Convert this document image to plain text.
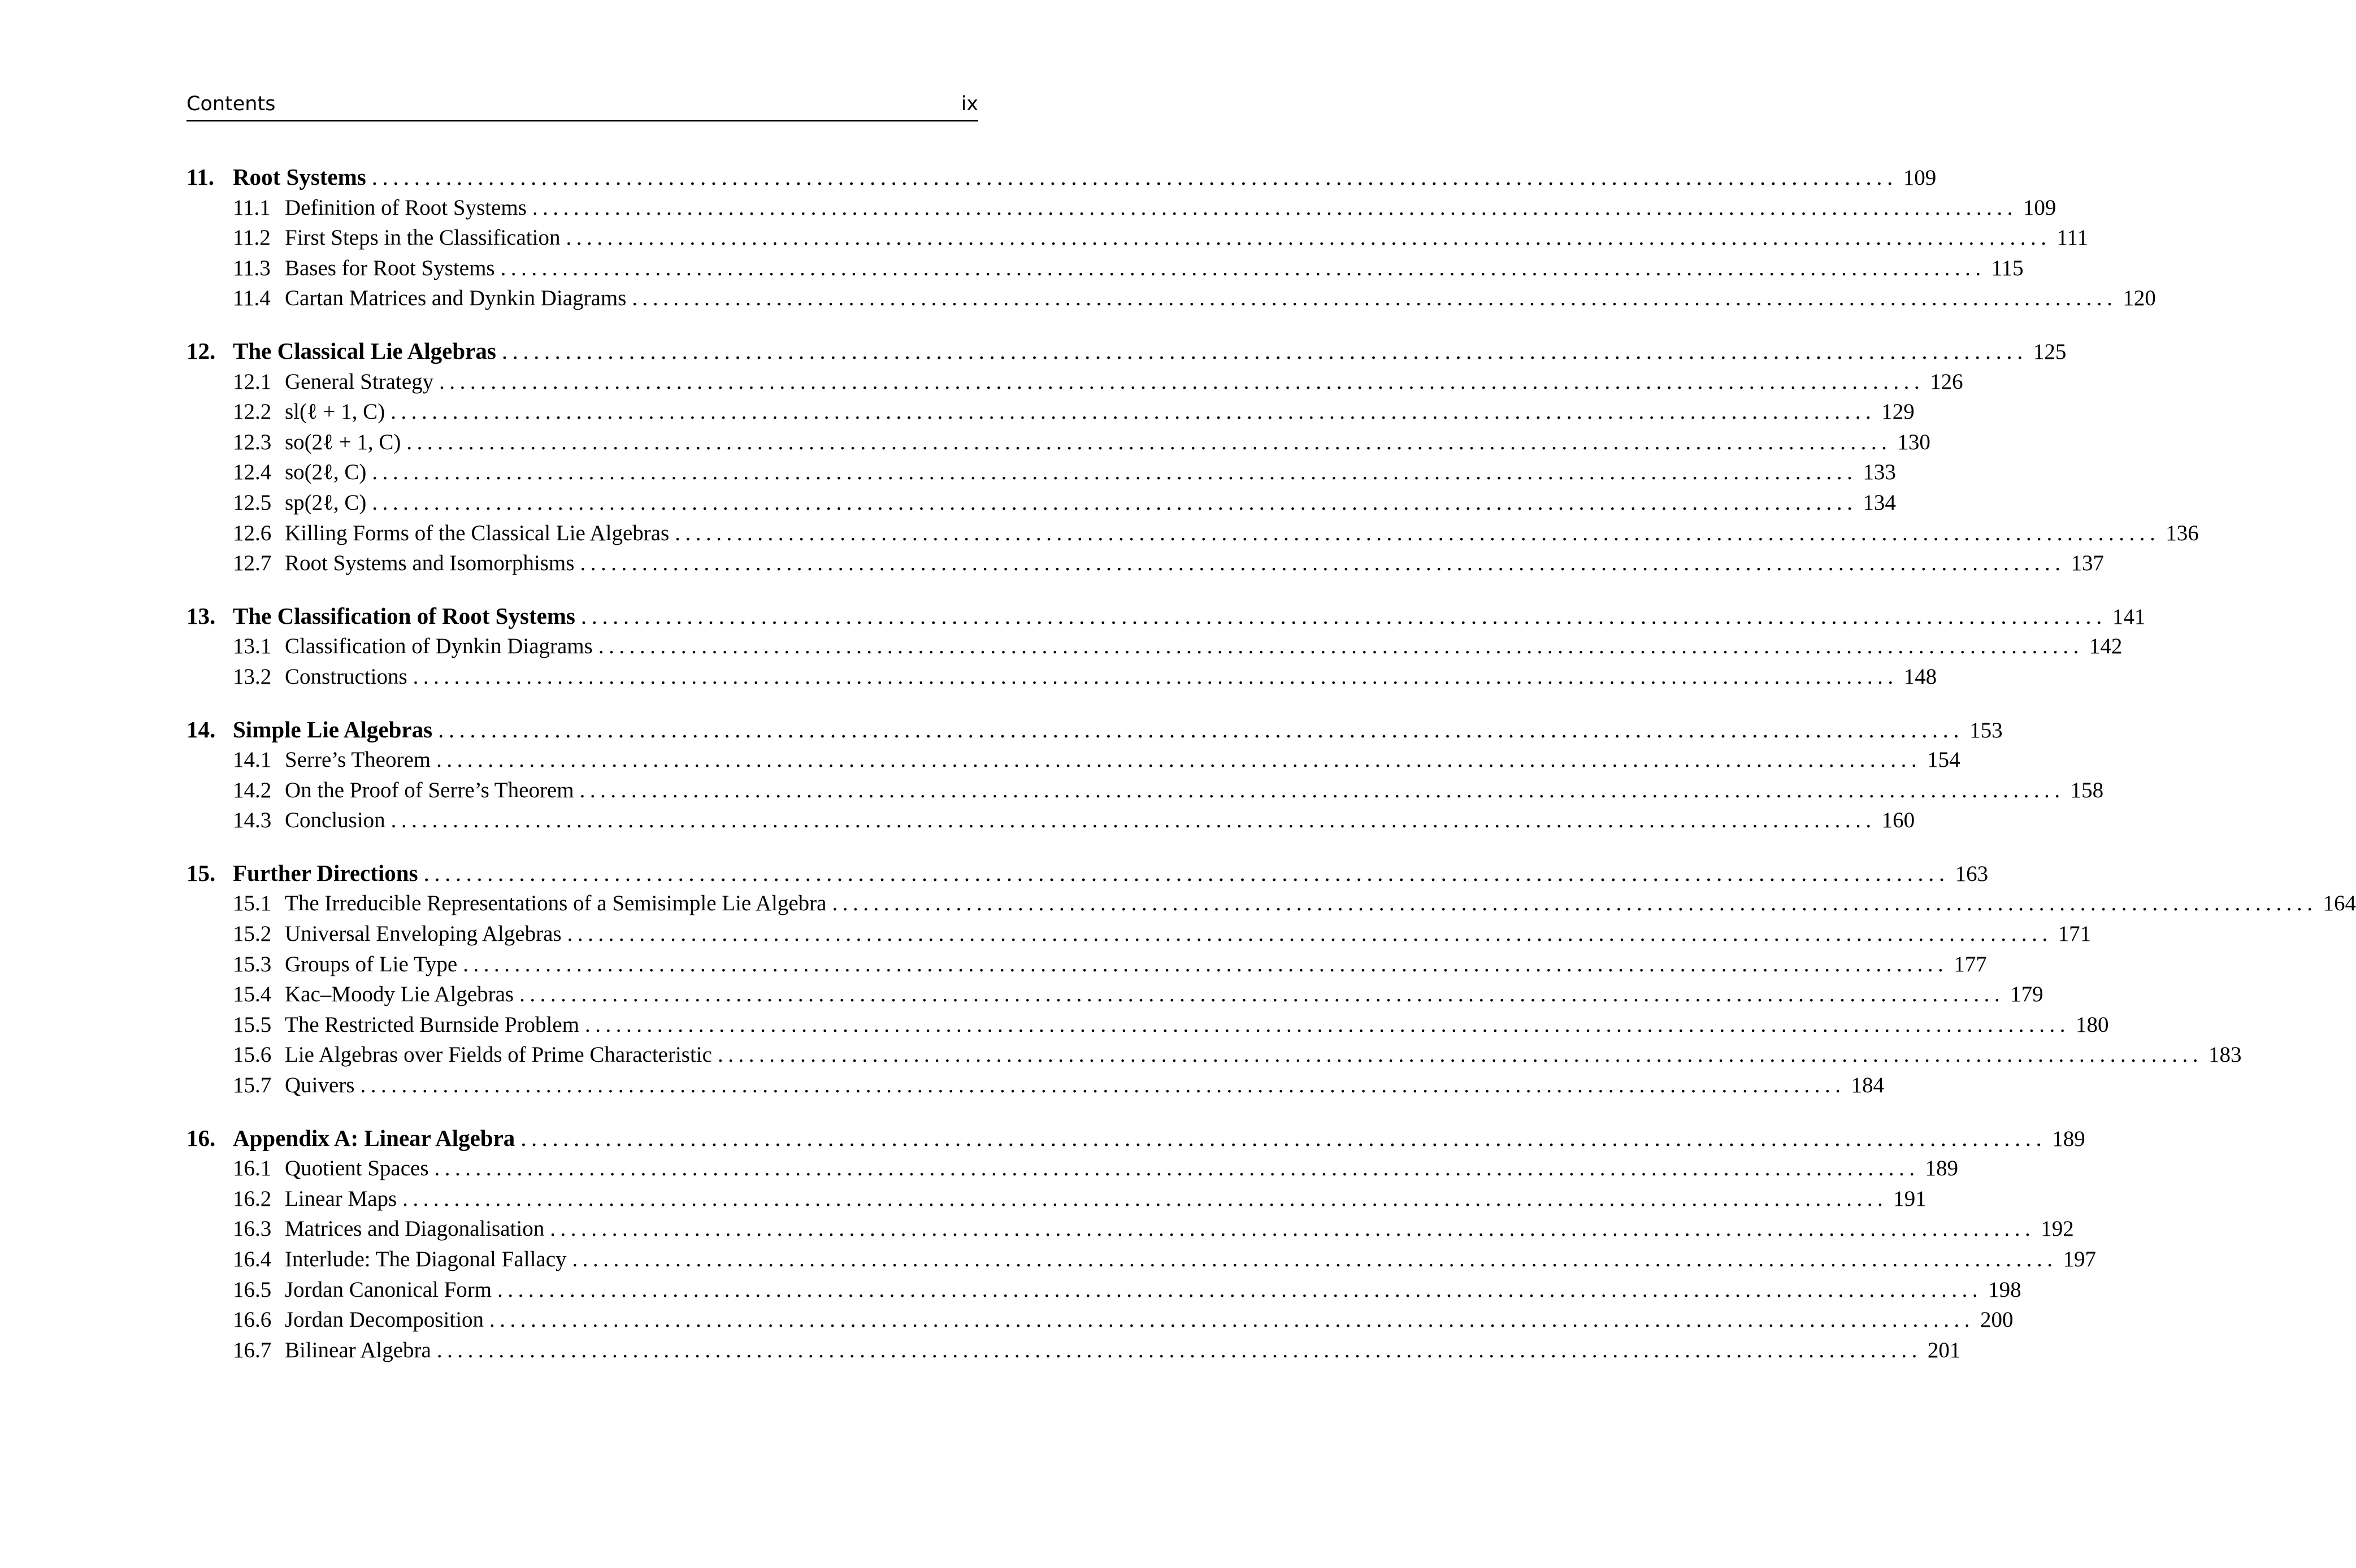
Contents	ix
11. Root Systems ................................................................................................................................................ 109
11.1 Definition of Root Systems ................................................................................................................................................ 109
11.2 First Steps in the Classification ................................................................................................................................................ 111
11.3 Bases for Root Systems ................................................................................................................................................ 115
11.4 Cartan Matrices and Dynkin Diagrams ................................................................................................................................................ 120
12. The Classical Lie Algebras ................................................................................................................................................ 125
12.1 General Strategy ................................................................................................................................................ 126
12.2 sl(ℓ + 1, C) ................................................................................................................................................ 129
12.3 so(2ℓ + 1, C) ................................................................................................................................................ 130
12.4 so(2ℓ, C) ................................................................................................................................................ 133
12.5 sp(2ℓ, C) ................................................................................................................................................ 134
12.6 Killing Forms of the Classical Lie Algebras ................................................................................................................................................ 136
12.7 Root Systems and Isomorphisms ................................................................................................................................................ 137
13. The Classification of Root Systems ................................................................................................................................................ 141
13.1 Classification of Dynkin Diagrams ................................................................................................................................................ 142
13.2 Constructions ................................................................................................................................................ 148
14. Simple Lie Algebras ................................................................................................................................................ 153
14.1 Serre’s Theorem ................................................................................................................................................ 154
14.2 On the Proof of Serre’s Theorem ................................................................................................................................................ 158
14.3 Conclusion ................................................................................................................................................ 160
15. Further Directions ................................................................................................................................................ 163
15.1 The Irreducible Representations of a Semisimple Lie Algebra ................................................................................................................................................ 164
15.2 Universal Enveloping Algebras ................................................................................................................................................ 171
15.3 Groups of Lie Type ................................................................................................................................................ 177
15.4 Kac–Moody Lie Algebras ................................................................................................................................................ 179
15.5 The Restricted Burnside Problem ................................................................................................................................................ 180
15.6 Lie Algebras over Fields of Prime Characteristic ................................................................................................................................................ 183
15.7 Quivers ................................................................................................................................................ 184
16. Appendix A: Linear Algebra ................................................................................................................................................ 189
16.1 Quotient Spaces ................................................................................................................................................ 189
16.2 Linear Maps ................................................................................................................................................ 191
16.3 Matrices and Diagonalisation ................................................................................................................................................ 192
16.4 Interlude: The Diagonal Fallacy ................................................................................................................................................ 197
16.5 Jordan Canonical Form ................................................................................................................................................ 198
16.6 Jordan Decomposition ................................................................................................................................................ 200
16.7 Bilinear Algebra ................................................................................................................................................ 201
